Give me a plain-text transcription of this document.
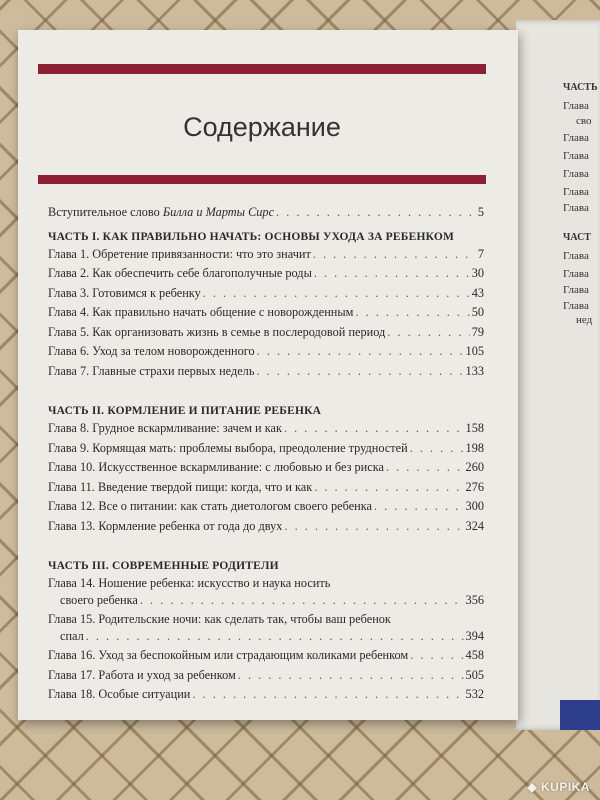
Содержание
Вступительное слово Билла и Марты Сирс . . .	5
ЧАСТЬ I. КАК ПРАВИЛЬНО НАЧАТЬ: ОСНОВЫ УХОДА ЗА РЕБЕНКОМ
Глава 1. Обретение привязанности: что это значит . . .	7
Глава 2. Как обеспечить себе благополучные роды . . .	30
Глава 3. Готовимся к ребенку . . .	43
Глава 4. Как правильно начать общение с новорожденным . . .	50
Глава 5. Как организовать жизнь в семье в послеродовой период . . .	79
Глава 6. Уход за телом новорожденного . . .	105
Глава 7. Главные страхи первых недель . . .	133
ЧАСТЬ II. КОРМЛЕНИЕ И ПИТАНИЕ РЕБЕНКА
Глава 8. Грудное вскармливание: зачем и как . . .	158
Глава 9. Кормящая мать: проблемы выбора, преодоление трудностей . . .	198
Глава 10. Искусственное вскармливание: с любовью и без риска . . .	260
Глава 11. Введение твердой пищи: когда, что и как . . .	276
Глава 12. Все о питании: как стать диетологом своего ребенка . . .	300
Глава 13. Кормление ребенка от года до двух . . .	324
ЧАСТЬ III. СОВРЕМЕННЫЕ РОДИТЕЛИ
Глава 14. Ношение ребенка: искусство и наука носить
своего ребенка . . .	356
Глава 15. Родительские ночи: как сделать так, чтобы ваш ребенок
спал . . .	394
Глава 16. Уход за беспокойным или страдающим коликами ребенком . . .	458
Глава 17. Работа и уход за ребенком . . .	505
Глава 18. Особые ситуации . . .	532
ЧАСТЬ
Глава
сво
Глава
Глава
Глава
Глава
Глава
ЧАСТ
Глава
Глава
Глава
Глава
нед
◆ KUPIKA
